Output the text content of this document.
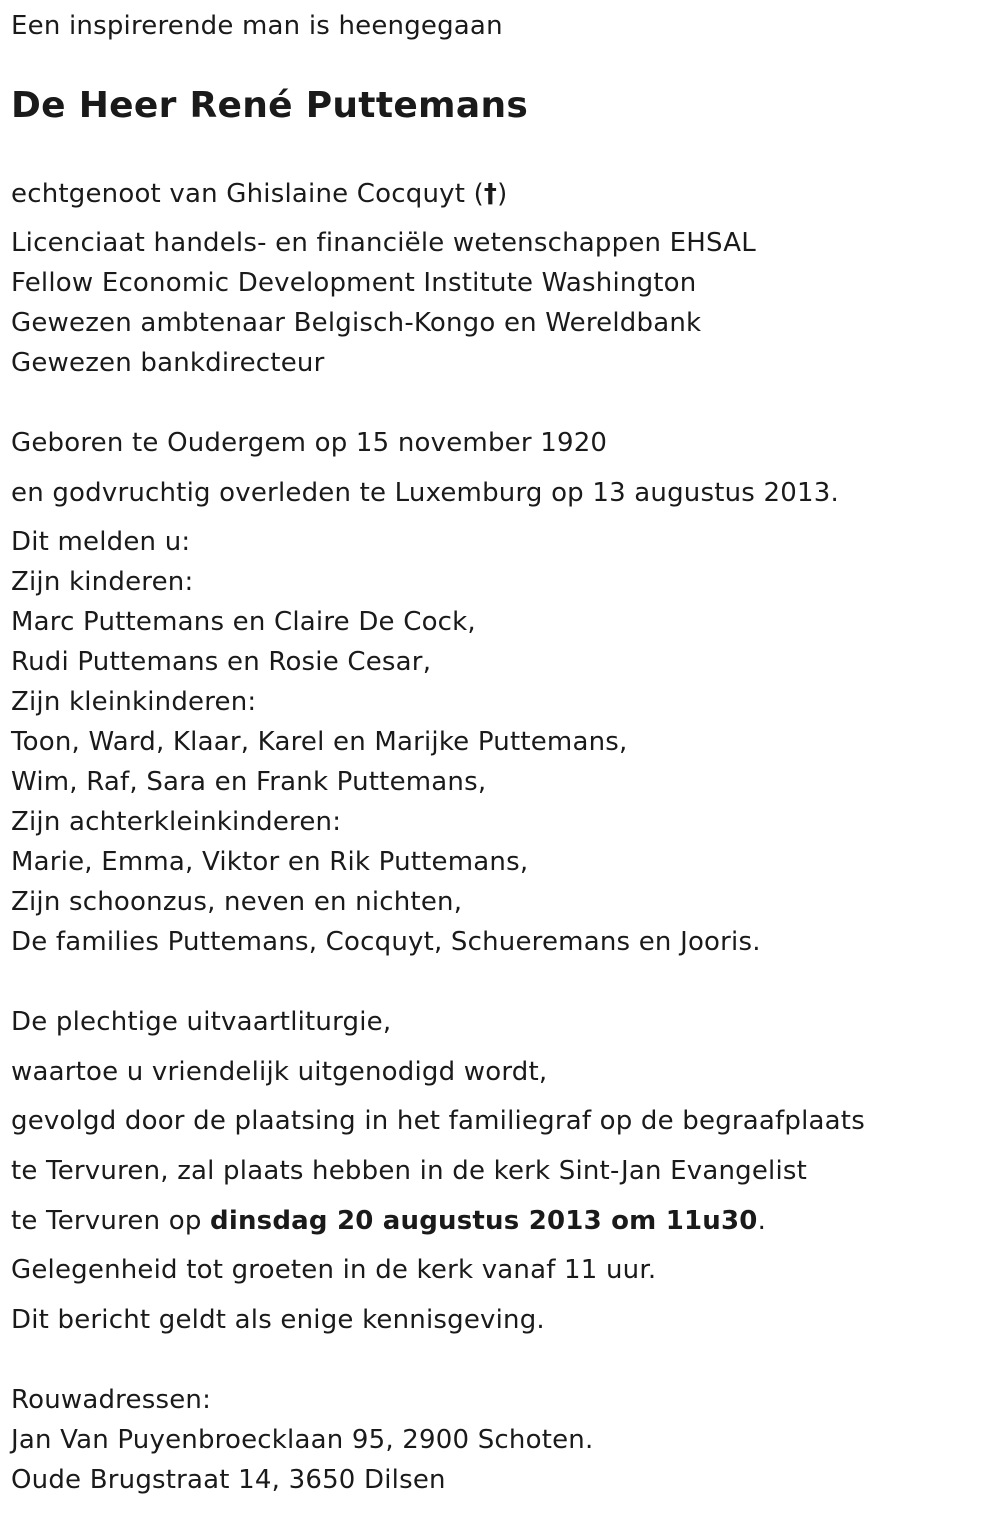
Een inspirerende man is heengegaan
De Heer René Puttemans
echtgenoot van Ghislaine Cocquyt (†)
Licenciaat handels- en financiële wetenschappen EHSAL
Fellow Economic Development Institute Washington
Gewezen ambtenaar Belgisch-Kongo en Wereldbank
Gewezen bankdirecteur
Geboren te Oudergem op 15 november 1920
en godvruchtig overleden te Luxemburg op 13 augustus 2013.
Dit melden u:
Zijn kinderen:
Marc Puttemans en Claire De Cock,
Rudi Puttemans en Rosie Cesar,
Zijn kleinkinderen:
Toon, Ward, Klaar, Karel en Marijke Puttemans,
Wim, Raf, Sara en Frank Puttemans,
Zijn achterkleinkinderen:
Marie, Emma, Viktor en Rik Puttemans,
Zijn schoonzus, neven en nichten,
De families Puttemans, Cocquyt, Schueremans en Jooris.
De plechtige uitvaartliturgie,
waartoe u vriendelijk uitgenodigd wordt,
gevolgd door de plaatsing in het familiegraf op de begraafplaats
te Tervuren, zal plaats hebben in de kerk Sint-Jan Evangelist
te Tervuren op dinsdag 20 augustus 2013 om 11u30.
Gelegenheid tot groeten in de kerk vanaf 11 uur.
Dit bericht geldt als enige kennisgeving.
Rouwadressen:
Jan Van Puyenbroecklaan 95, 2900 Schoten.
Oude Brugstraat 14, 3650 Dilsen
